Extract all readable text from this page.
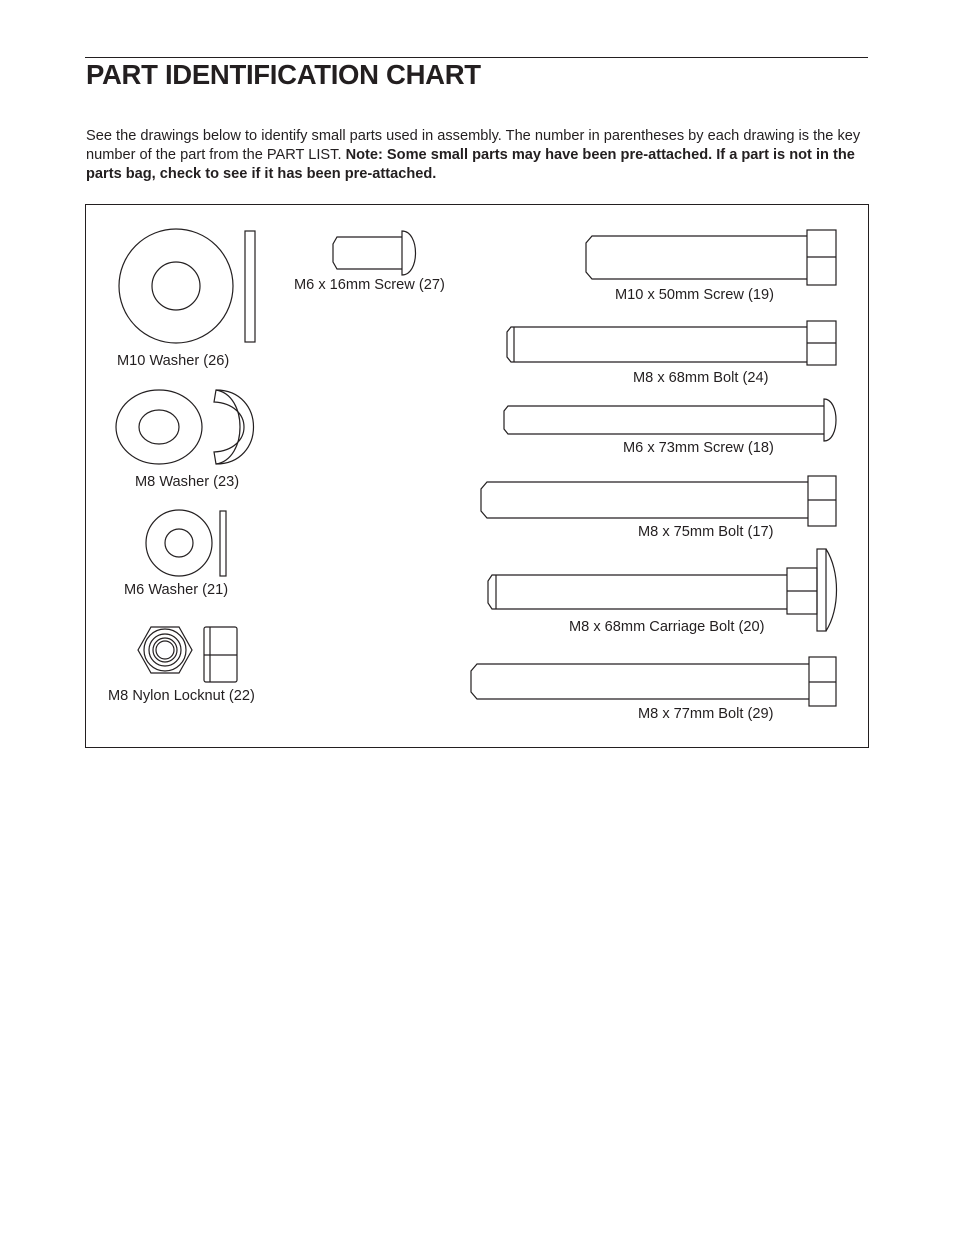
PART IDENTIFICATION CHART

See the drawings below to identify small parts used in assembly. The number in parentheses by each drawing is the key number of the part from the PART LIST. Note: Some small parts may have been pre-attached. If a part is not in the parts bag, check to see if it has been pre-attached.

M10 Washer (26)
M8 Washer (23)
M6 Washer (21)
M8 Nylon Locknut (22)
M6 x 16mm Screw (27)
M10 x 50mm Screw (19)
M8 x 68mm Bolt (24)
M6 x 73mm Screw (18)
M8 x 75mm Bolt (17)
M8 x 68mm Carriage Bolt (20)
M8 x 77mm Bolt (29)
